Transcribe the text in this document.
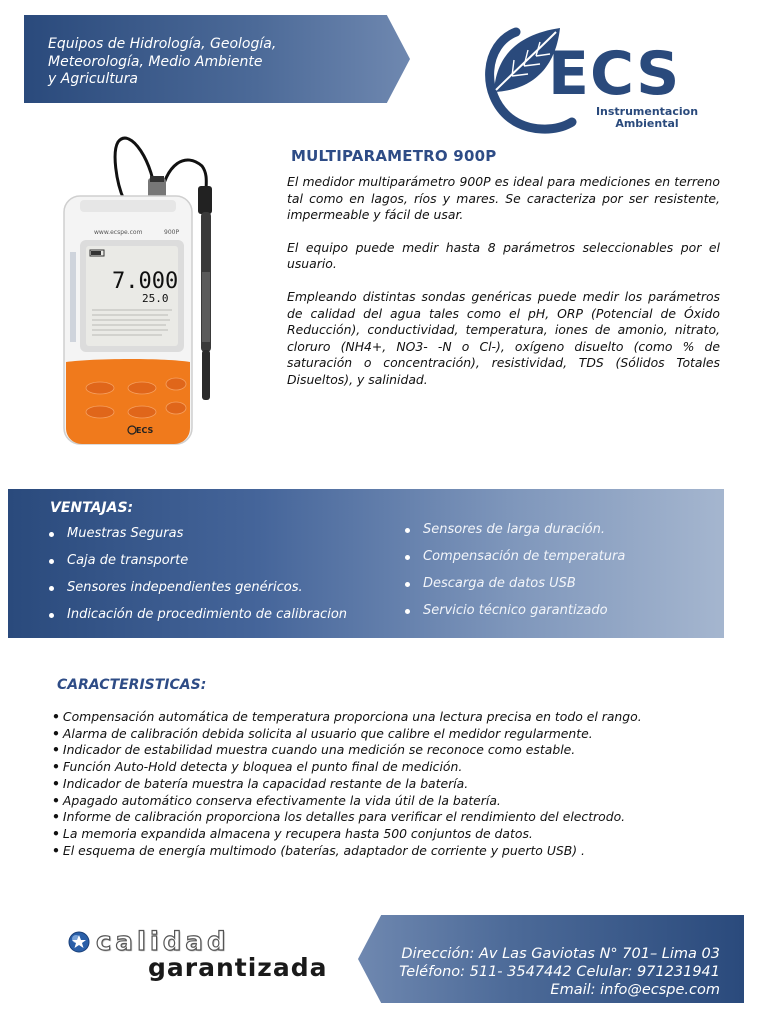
Equipos de Hidrología, Geología,
Meteorología, Medio Ambiente
y Agricultura	ECS
Instrumentacion
Ambiental
www.ecspe.com	900P
7.000
25.0
ECS
MULTIPARAMETRO 900P

El medidor multiparámetro 900P es ideal para mediciones en terreno tal como en lagos, ríos y mares. Se caracteriza por ser resistente, impermeable y fácil de usar.

El equipo puede medir hasta 8 parámetros seleccionables por el usuario.

Empleando distintas sondas genéricas puede medir los parámetros de calidad del agua tales como el pH, ORP (Potencial de Óxido Reducción), conductividad, temperatura, iones de amonio, nitrato, cloruro (NH4+, NO3- -N o Cl-), oxígeno disuelto (como % de saturación o concentración), resistividad, TDS (Sólidos Totales Disueltos), y salinidad.

VENTAJAS:
Muestras Seguras
Caja de transporte
Sensores independientes genéricos.
Indicación de procedimiento de calibracion
Sensores de larga duración.
Compensación de temperatura
Descarga de datos USB
Servicio técnico garantizado
CARACTERISTICAS:
• Compensación automática de temperatura proporciona una lectura precisa en todo el rango.
• Alarma de calibración debida solicita al usuario que calibre el medidor regularmente.
• Indicador de estabilidad muestra cuando una medición se reconoce como estable.
• Función Auto-Hold detecta y bloquea el punto final de medición.
• Indicador de batería muestra la capacidad restante de la batería.
• Apagado automático conserva efectivamente la vida útil de la batería.
• Informe de calibración proporciona los detalles para verificar el rendimiento del electrodo.
• La memoria expandida almacena y recupera hasta 500 conjuntos de datos.
• El esquema de energía multimodo (baterías, adaptador de corriente y puerto USB) .
calidad
garantizada	Dirección: Av Las Gaviotas N° 701– Lima 03
Teléfono: 511- 3547442 Celular: 971231941
Email: info@ecspe.com
